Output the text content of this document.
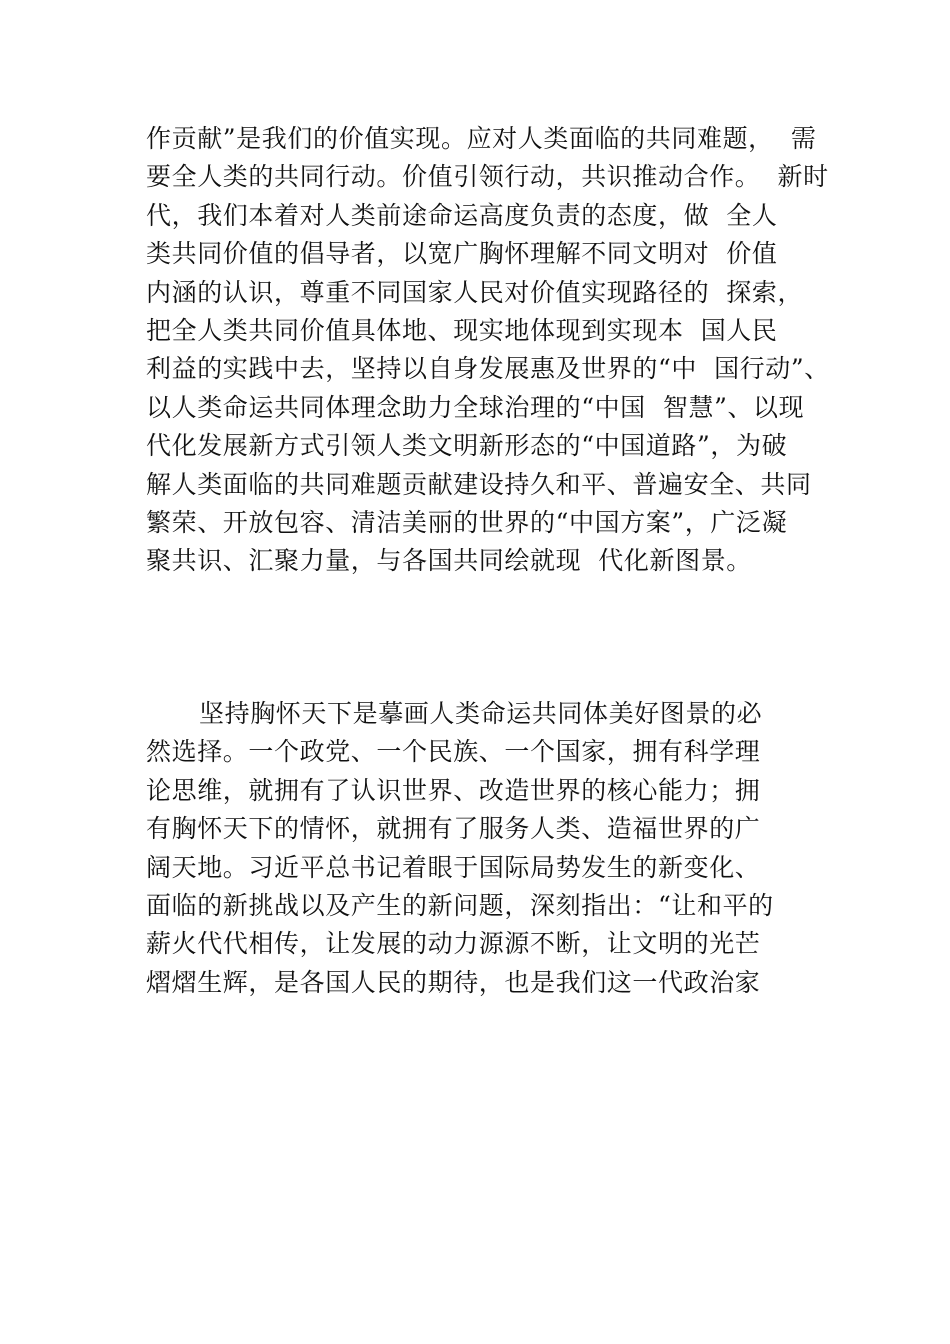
作贡献”是我们的价值实现。应对人类面临的共同难题，  需
要全人类的共同行动。价值引领行动，共识推动合作。  新时
代，我们本着对人类前途命运高度负责的态度，做  全人
类共同价值的倡导者，以宽广胸怀理解不同文明对  价值
内涵的认识，尊重不同国家人民对价值实现路径的  探索，
把全人类共同价值具体地、现实地体现到实现本  国人民
利益的实践中去，坚持以自身发展惠及世界的“中  国行动”、
以人类命运共同体理念助力全球治理的“中国  智慧”、以现
代化发展新方式引领人类文明新形态的“中国道路”，为破
解人类面临的共同难题贡献建设持久和平、普遍安全、共同
繁荣、开放包容、清洁美丽的世界的“中国方案”，广泛凝
聚共识、汇聚力量，与各国共同绘就现  代化新图景。
坚持胸怀天下是摹画人类命运共同体美好图景的必
然选择。一个政党、一个民族、一个国家，拥有科学理
论思维，就拥有了认识世界、改造世界的核心能力；拥
有胸怀天下的情怀，就拥有了服务人类、造福世界的广
阔天地。习近平总书记着眼于国际局势发生的新变化、
面临的新挑战以及产生的新问题，深刻指出：“让和平的
薪火代代相传，让发展的动力源源不断，让文明的光芒
熠熠生辉，是各国人民的期待，也是我们这一代政治家
